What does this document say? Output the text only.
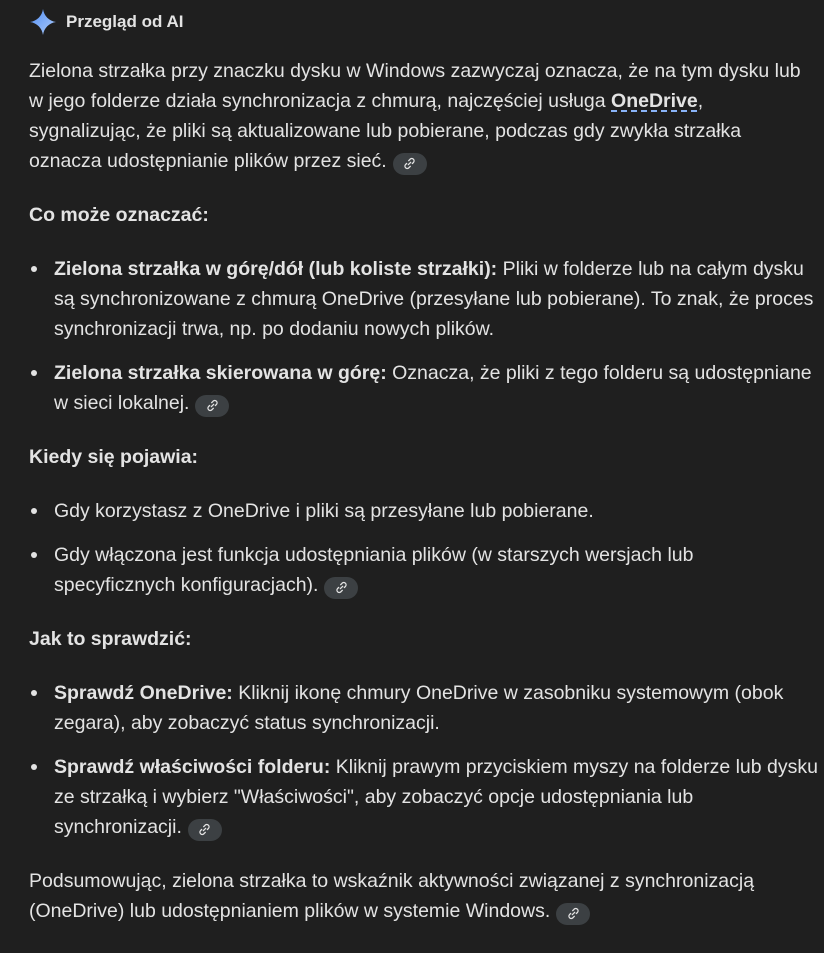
Przegląd od AI

Zielona strzałka przy znaczku dysku w Windows zazwyczaj oznacza, że na tym dysku lub w jego folderze działa synchronizacja z chmurą, najczęściej usługa OneDrive, sygnalizując, że pliki są aktualizowane lub pobierane, podczas gdy zwykła strzałka oznacza udostępnianie plików przez sieć.

Co może oznaczać:
Zielona strzałka w górę/dół (lub koliste strzałki): Pliki w folderze lub na całym dysku są synchronizowane z chmurą OneDrive (przesyłane lub pobierane). To znak, że proces synchronizacji trwa, np. po dodaniu nowych plików.
Zielona strzałka skierowana w górę: Oznacza, że pliki z tego folderu są udostępniane w sieci lokalnej.
Kiedy się pojawia:
Gdy korzystasz z OneDrive i pliki są przesyłane lub pobierane.
Gdy włączona jest funkcja udostępniania plików (w starszych wersjach lub specyficznych konfiguracjach).
Jak to sprawdzić:
Sprawdź OneDrive: Kliknij ikonę chmury OneDrive w zasobniku systemowym (obok zegara), aby zobaczyć status synchronizacji.
Sprawdź właściwości folderu: Kliknij prawym przyciskiem myszy na folderze lub dysku ze strzałką i wybierz "Właściwości", aby zobaczyć opcje udostępniania lub synchronizacji.

Podsumowując, zielona strzałka to wskaźnik aktywności związanej z synchronizacją (OneDrive) lub udostępnianiem plików w systemie Windows.
